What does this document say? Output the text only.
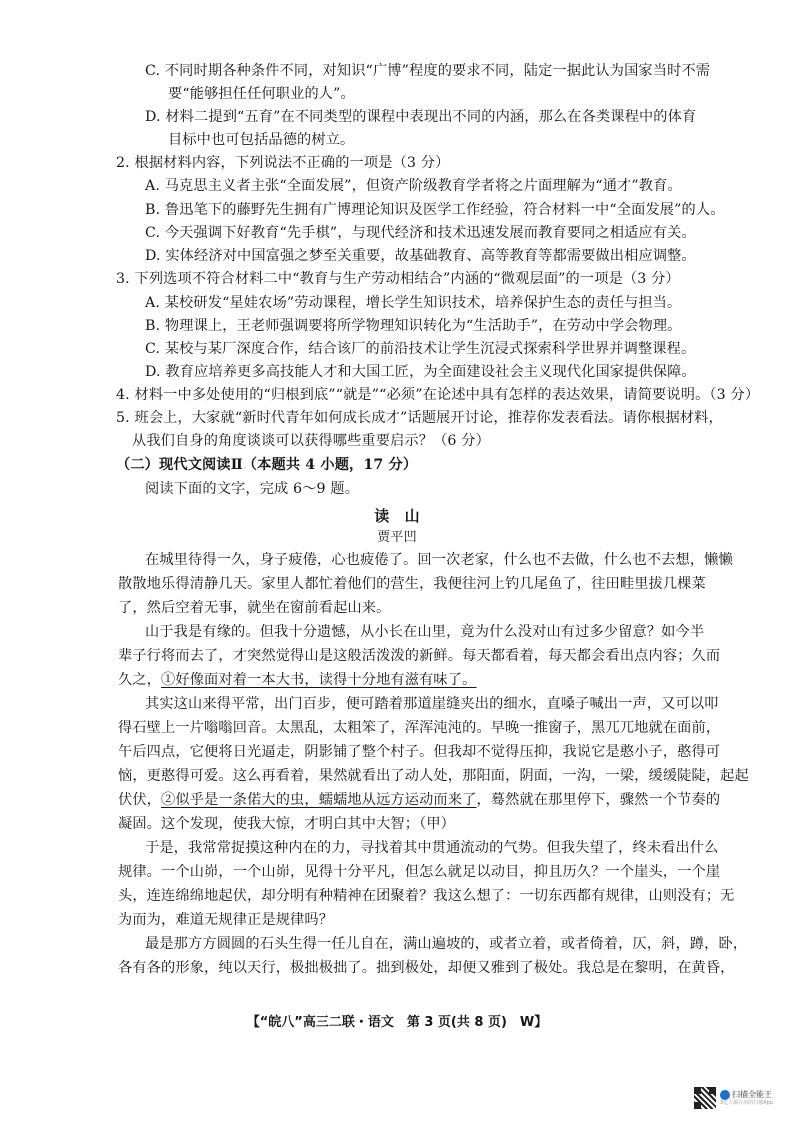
C. 不同时期各种条件不同，对知识“广博”程度的要求不同，陆定一据此认为国家当时不需
要“能够担任任何职业的人”。
D. 材料二提到“五育”在不同类型的课程中表现出不同的内涵，那么在各类课程中的体育
目标中也可包括品德的树立。
2. 根据材料内容，下列说法不正确的一项是（3 分）
A. 马克思主义者主张“全面发展”，但资产阶级教育学者将之片面理解为“通才”教育。
B. 鲁迅笔下的藤野先生拥有广博理论知识及医学工作经验，符合材料一中“全面发展”的人。
C. 今天强调下好教育“先手棋”，与现代经济和技术迅速发展而教育要同之相适应有关。
D. 实体经济对中国富强之梦至关重要，故基础教育、高等教育等都需要做出相应调整。
3. 下列选项不符合材料二中“教育与生产劳动相结合”内涵的“微观层面”的一项是（3 分）
A. 某校研发“星娃农场”劳动课程，增长学生知识技术，培养保护生态的责任与担当。
B. 物理课上，王老师强调要将所学物理知识转化为“生活助手”，在劳动中学会物理。
C. 某校与某厂深度合作，结合该厂的前沿技术让学生沉浸式探索科学世界并调整课程。
D. 教育应培养更多高技能人才和大国工匠，为全面建设社会主义现代化国家提供保障。
4. 材料一中多处使用的“归根到底”“就是”“必须”在论述中具有怎样的表达效果，请简要说明。（3 分）
5. 班会上，大家就“新时代青年如何成长成才”话题展开讨论，推荐你发表看法。请你根据材料，
从我们自身的角度谈谈可以获得哪些重要启示？（6 分）
（二）现代文阅读Ⅱ（本题共 4 小题，17 分）
阅读下面的文字，完成 6～9 题。
读　山
贾平凹
在城里待得一久，身子疲倦，心也疲倦了。回一次老家，什么也不去做，什么也不去想，懒懒
散散地乐得清静几天。家里人都忙着他们的营生，我便往河上钓几尾鱼了，往田畦里拔几棵菜
了，然后空着无事，就坐在窗前看起山来。
山于我是有缘的。但我十分遗憾，从小长在山里，竟为什么没对山有过多少留意？如今半
辈子行将而去了，才突然觉得山是这般活泼泼的新鲜。每天都看着，每天都会看出点内容；久而
久之，①好像面对着一本大书，读得十分地有滋有味了。
其实这山来得平常，出门百步，便可踏着那道崖缝夹出的细水，直嗓子喊出一声，又可以叩
得石壁上一片嗡嗡回音。太黑乱，太粗笨了，浑浑沌沌的。早晚一推窗子，黑兀兀地就在面前，
午后四点，它便将日光逼走，阴影铺了整个村子。但我却不觉得压抑，我说它是憨小子，憨得可
恼，更憨得可爱。这么再看着，果然就看出了动人处，那阳面，阴面，一沟，一梁，缓缓陡陡，起起
伏伏，②似乎是一条偌大的虫，蠕蠕地从远方运动而来了，蓦然就在那里停下，骤然一个节奏的
凝固。这个发现，使我大惊，才明白其中大智；（甲）
于是，我常常捉摸这种内在的力，寻找着其中贯通流动的气势。但我失望了，终未看出什么
规律。一个山峁，一个山峁，见得十分平凡，但怎么就足以动目，抑且历久？一个崖头，一个崖
头，连连绵绵地起伏，却分明有种精神在团聚着？我这么想了：一切东西都有规律，山则没有；无
为而为，难道无规律正是规律吗？
最是那方方圆圆的石头生得一任儿自在，满山遍坡的，或者立着，或者倚着，仄，斜，蹲，卧，
各有各的形象，纯以天行，极拙极拙了。拙到极处，却便又雅到了极处。我总是在黎明，在黄昏，
【“皖八”高三二联・语文　第 3 页(共 8 页)　W】
扫描全能王
3亿人都在用的扫描App
